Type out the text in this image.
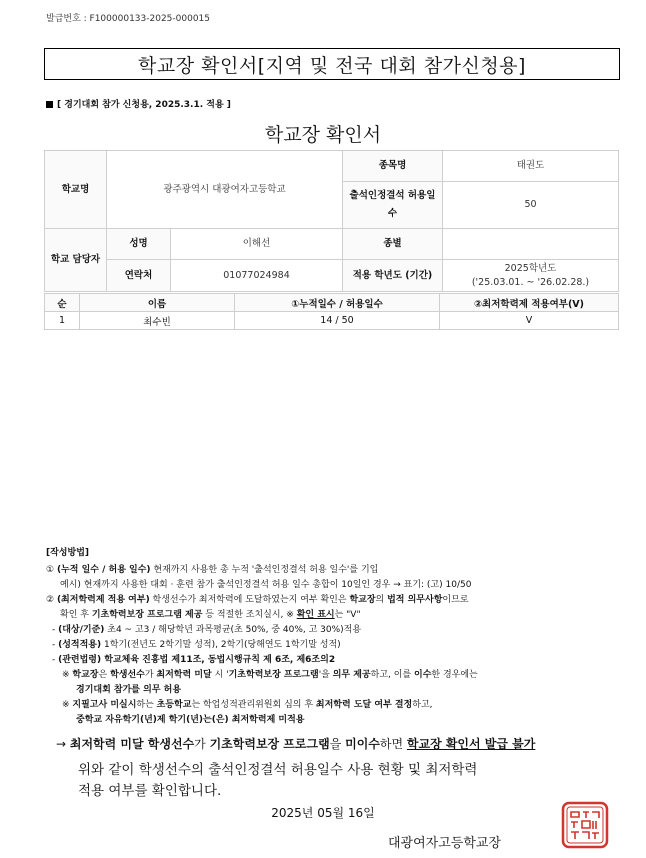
발급번호 : F100000133-2025-000015
학교장 확인서[지역 및 전국 대회 참가신청용]
[ 경기대회 참가 신청용, 2025.3.1. 적용 ]
학교장 확인서
학교명	광주광역시 대광여자고등학교		종목명	태권도
			출석인정결석 허용일수	50
학교 담당자	성명	이해선	종별	
	연락처	01077024984	적용 학년도 (기간)	2025학년도
('25.03.01. ~ '26.02.28.)
순	이름	①누적일수 / 허용일수	②최저학력제 적용여부(V)
1	최수빈	14 / 50	V
[작성방법]
① (누적 일수 / 허용 일수) 현재까지 사용한 총 누적 '출석인정결석 허용 일수'를 기입
예시) 현재까지 사용한 대회 · 훈련 참가 출석인정결석 허용 일수 총합이 10일인 경우 → 표기: (고) 10/50
② (최저학력제 적용 여부) 학생선수가 최저학력에 도달하였는지 여부 확인은 학교장의 법적 의무사항이므로
확인 후 기초학력보장 프로그램 제공 등 적절한 조치실시, ※ 확인 표시는 "V"
- (대상/기준) 초4 ~ 고3 / 해당학년 과목평균(초 50%, 중 40%, 고 30%)적용
- (성적적용) 1학기(전년도 2학기말 성적), 2학기(당해연도 1학기말 성적)
- (관련법령) 학교체육 진흥법 제11조, 동법시행규칙 제 6조, 제6조의2
※ 학교장은 학생선수가 최저학력 미달 시 '기초학력보장 프로그램'을 의무 제공하고, 이를 이수한 경우에는
경기대회 참가를 의무 허용
※ 지필고사 미실시하는 초등학교는 학업성적관리위원회 심의 후 최저학력 도달 여부 결정하고,
중학교 자유학기(년)제 학기(년)는(은) 최저학력제 미적용
→ 최저학력 미달 학생선수가 기초학력보장 프로그램을 미이수하면 학교장 확인서 발급 불가
위와 같이 학생선수의 출석인정결석 허용일수 사용 현황 및 최저학력
적용 여부를 확인합니다.
2025년 05월 16일
대광여자고등학교장
